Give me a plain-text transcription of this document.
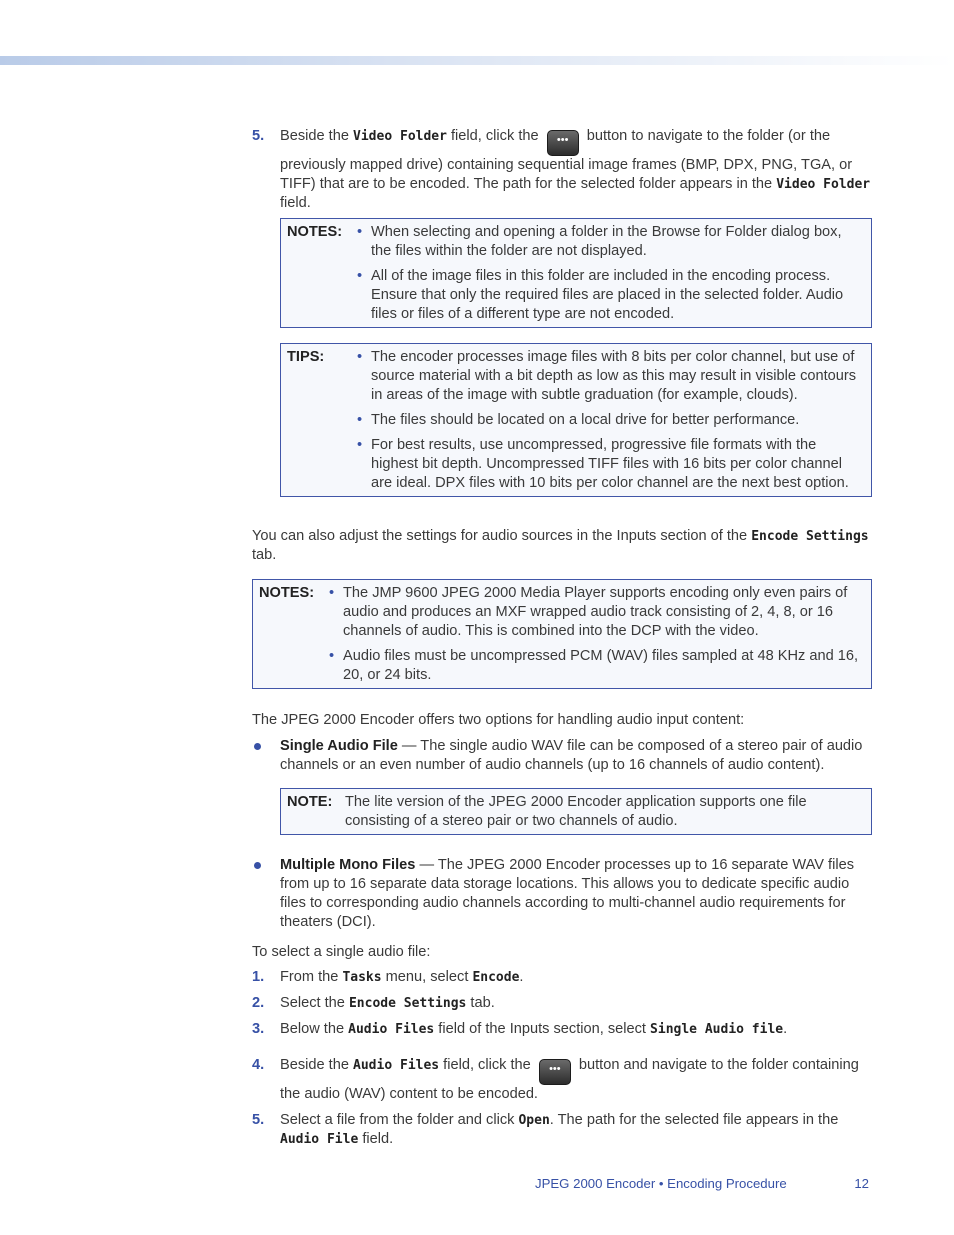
5. Beside the Video Folder field, click the ••• button to navigate to the folder (or the previously mapped drive) containing sequential image frames (BMP, DPX, PNG, TGA, or TIFF) that are to be encoded. The path for the selected folder appears in the Video Folder field.
NOTES:	• When selecting and opening a folder in the Browse for Folder dialog box, the files within the folder are not displayed.
• All of the image files in this folder are included in the encoding process. Ensure that only the required files are placed in the selected folder. Audio files or files of a different type are not encoded.
TIPS:	• The encoder processes image files with 8 bits per color channel, but use of source material with a bit depth as low as this may result in visible contours in areas of the image with subtle graduation (for example, clouds).
• The files should be located on a local drive for better performance.
• For best results, use uncompressed, progressive file formats with the highest bit depth. Uncompressed TIFF files with 16 bits per color channel are ideal. DPX files with 10 bits per color channel are the next best option.

You can also adjust the settings for audio sources in the Inputs section of the Encode Settings tab.

NOTES:	• The JMP 9600 JPEG 2000 Media Player supports encoding only even pairs of audio and produces an MXF wrapped audio track consisting of 2, 4, 8, or 16 channels of audio. This is combined into the DCP with the video.
• Audio files must be uncompressed PCM (WAV) files sampled at 48 KHz and 16, 20, or 24 bits.

The JPEG 2000 Encoder offers two options for handling audio input content:

Single Audio File — The single audio WAV file can be composed of a stereo pair of audio channels or an even number of audio channels (up to 16 channels of audio content).
NOTE: The lite version of the JPEG 2000 Encoder application supports one file consisting of a stereo pair or two channels of audio.
Multiple Mono Files — The JPEG 2000 Encoder processes up to 16 separate WAV files from up to 16 separate data storage locations. This allows you to dedicate specific audio files to corresponding audio channels according to multi-channel audio requirements for theaters (DCI).

To select a single audio file:

1. From the Tasks menu, select Encode.
2. Select the Encode Settings tab.
3. Below the Audio Files field of the Inputs section, select Single Audio file.
4. Beside the Audio Files field, click the ••• button and navigate to the folder containing the audio (WAV) content to be encoded.
5. Select a file from the folder and click Open. The path for the selected file appears in the Audio File field.
JPEG 2000 Encoder • Encoding Procedure	12
